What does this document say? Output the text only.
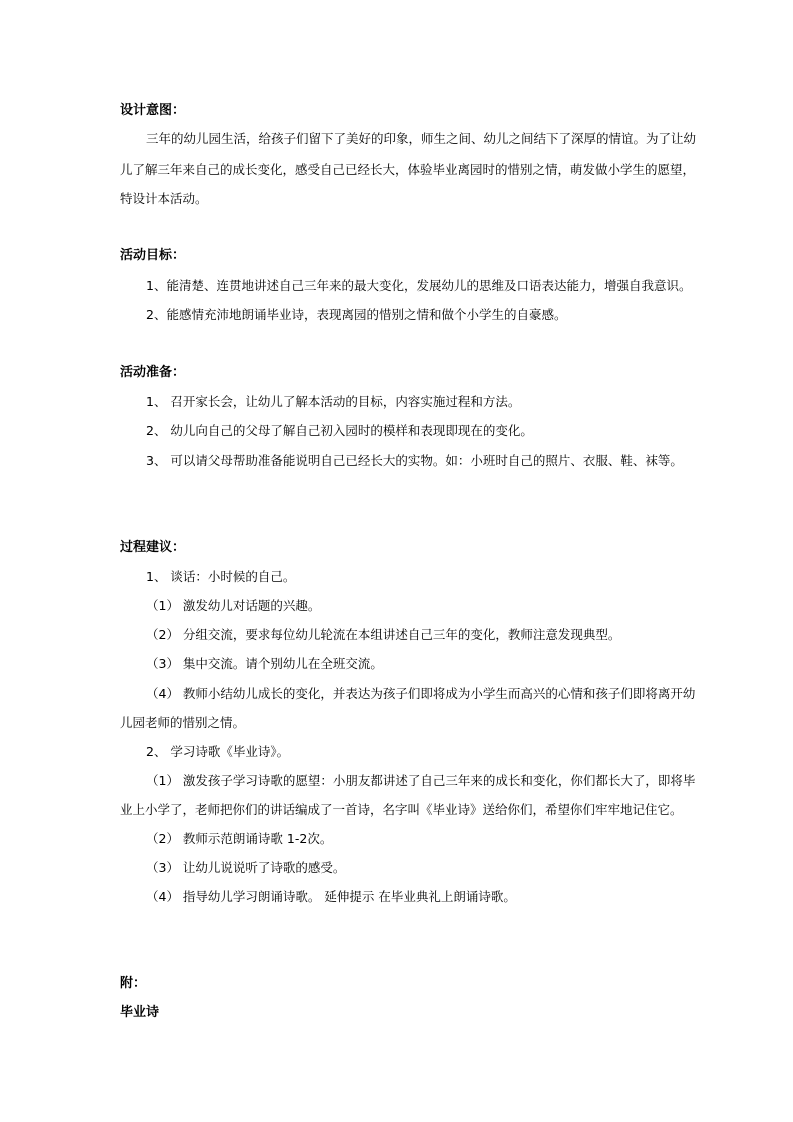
设计意图：
三年的幼儿园生活，给孩子们留下了美好的印象，师生之间、幼儿之间结下了深厚的情谊。为了让幼
儿了解三年来自己的成长变化，感受自己已经长大，体验毕业离园时的惜别之情，萌发做小学生的愿望，
特设计本活动。
活动目标：
1、能清楚、连贯地讲述自己三年来的最大变化，发展幼儿的思维及口语表达能力，增强自我意识。
2、能感情充沛地朗诵毕业诗，表现离园的惜别之情和做个小学生的自豪感。
活动准备：
1、 召开家长会，让幼儿了解本活动的目标，内容实施过程和方法。
2、 幼儿向自己的父母了解自己初入园时的模样和表现即现在的变化。
3、 可以请父母帮助准备能说明自己已经长大的实物。如：小班时自己的照片、衣服、鞋、袜等。
过程建议：
1、 谈话：小时候的自己。
（1） 激发幼儿对话题的兴趣。
（2） 分组交流，要求每位幼儿轮流在本组讲述自己三年的变化，教师注意发现典型。
（3） 集中交流。请个别幼儿在全班交流。
（4） 教师小结幼儿成长的变化，并表达为孩子们即将成为小学生而高兴的心情和孩子们即将离开幼
儿园老师的惜别之情。
2、 学习诗歌《毕业诗》。
（1） 激发孩子学习诗歌的愿望：小朋友都讲述了自己三年来的成长和变化，你们都长大了，即将毕
业上小学了，老师把你们的讲话编成了一首诗，名字叫《毕业诗》送给你们，希望你们牢牢地记住它。
（2） 教师示范朗诵诗歌 1-2次。
（3） 让幼儿说说听了诗歌的感受。
（4） 指导幼儿学习朗诵诗歌。 延伸提示 在毕业典礼上朗诵诗歌。
附：
毕业诗
